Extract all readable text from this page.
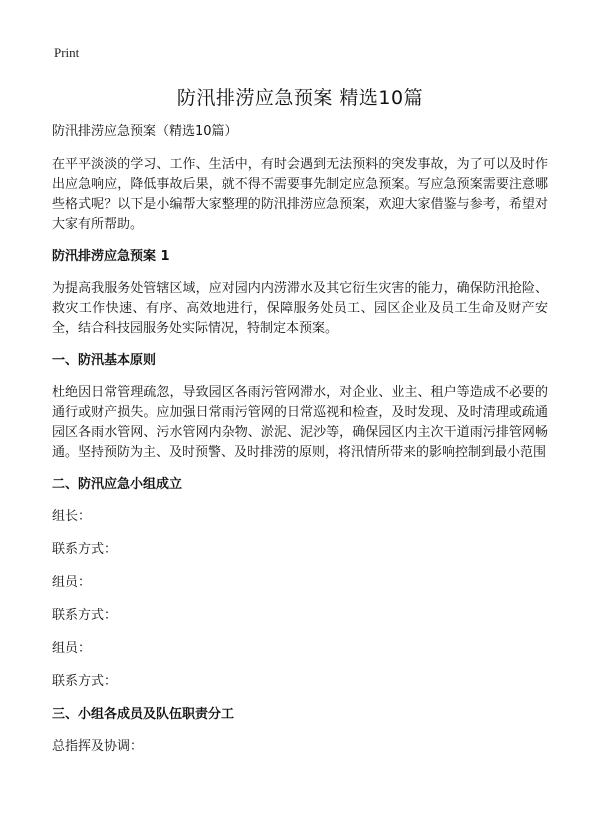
Print
防汛排涝应急预案 精选10篇

防汛排涝应急预案（精选10篇）

在平平淡淡的学习、工作、生活中，有时会遇到无法预料的突发事故，为了可以及时作出应急响应，降低事故后果，就不得不需要事先制定应急预案。写应急预案需要注意哪些格式呢？以下是小编帮大家整理的防汛排涝应急预案，欢迎大家借鉴与参考，希望对大家有所帮助。

防汛排涝应急预案 1

为提高我服务处管辖区域，应对园内内涝滞水及其它衍生灾害的能力，确保防汛抢险、救灾工作快速、有序、高效地进行，保障服务处员工、园区企业及员工生命及财产安全，结合科技园服务处实际情况，特制定本预案。

一、防汛基本原则

杜绝因日常管理疏忽，导致园区各雨污管网滞水，对企业、业主、租户等造成不必要的通行或财产损失。应加强日常雨污管网的日常巡视和检查，及时发现、及时清理或疏通园区各雨水管网、污水管网内杂物、淤泥、泥沙等，确保园区内主次干道雨污排管网畅通。坚持预防为主、及时预警、及时排涝的原则，将汛情所带来的影响控制到最小范围

二、防汛应急小组成立

组长：

联系方式：

组员：

联系方式：

组员：

联系方式：

三、小组各成员及队伍职责分工

总指挥及协调：
